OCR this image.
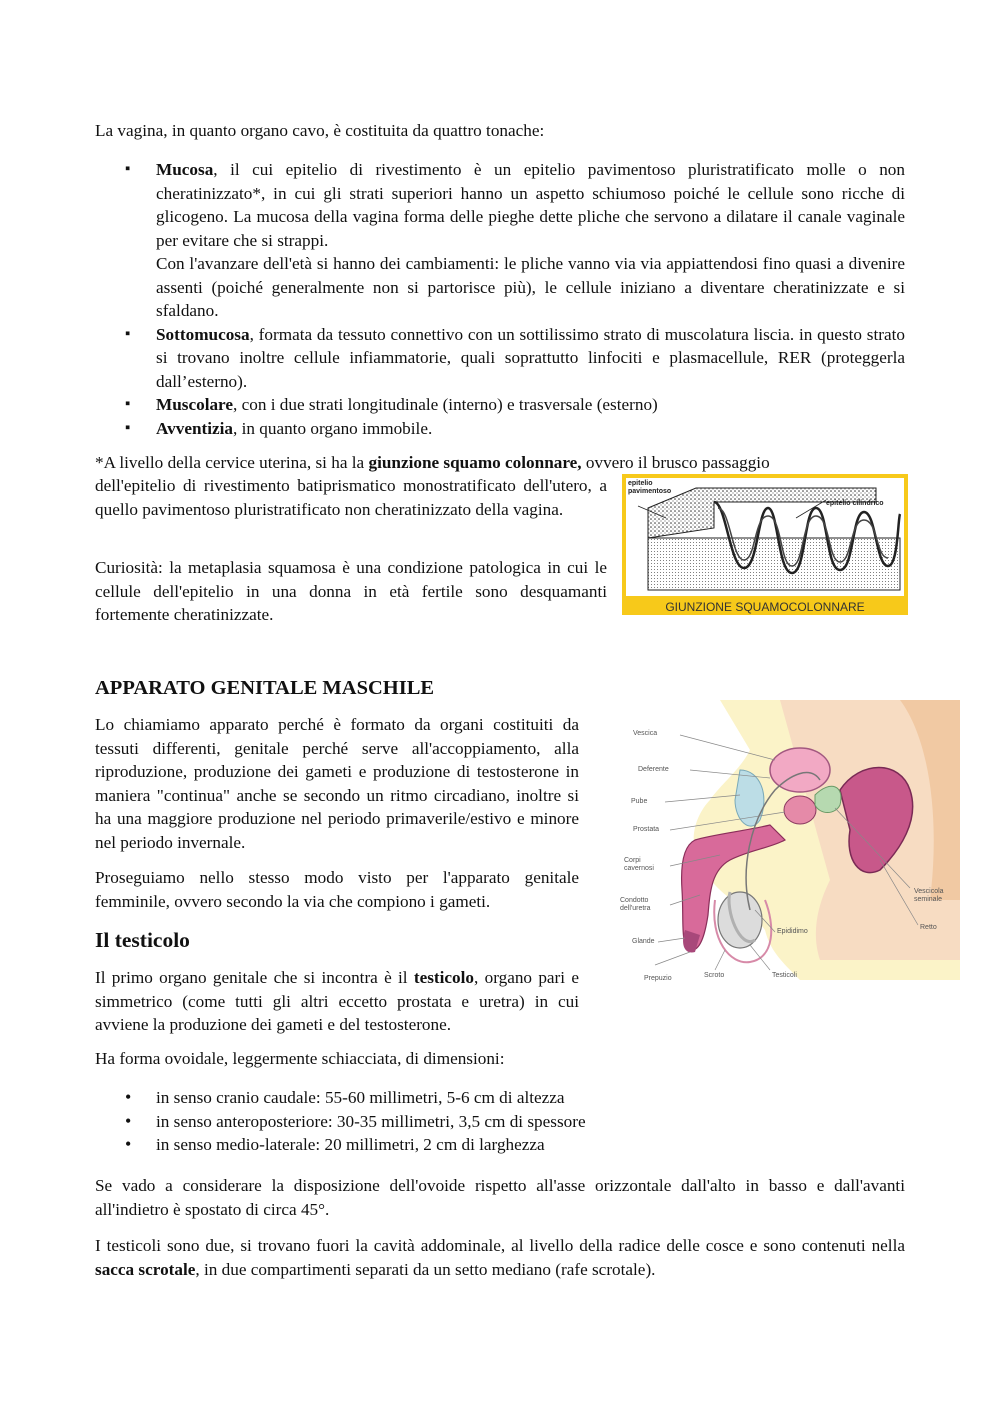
La vagina, in quanto organo cavo, è costituita da quattro tonache:

▪ Mucosa, il cui epitelio di rivestimento è un epitelio pavimentoso pluristratificato molle o non cheratinizzato*, in cui gli strati superiori hanno un aspetto schiumoso poiché le cellule sono ricche di glicogeno. La mucosa della vagina forma delle pieghe dette pliche che servono a dilatare il canale vaginale per evitare che si strappi.
Con l'avanzare dell'età si hanno dei cambiamenti: le pliche vanno via via appiattendosi fino quasi a divenire assenti (poiché generalmente non si partorisce più), le cellule iniziano a diventare cheratinizzate e si sfaldano.
▪ Sottomucosa, formata da tessuto connettivo con un sottilissimo strato di muscolatura liscia. in questo strato si trovano inoltre cellule infiammatorie, quali soprattutto linfociti e plasmacellule, RER (proteggerla dall’esterno).
▪ Muscolare, con i due strati longitudinale (interno) e trasversale (esterno)
▪ Avventizia, in quanto organo immobile.

*A livello della cervice uterina, si ha la giunzione squamo colonnare, ovvero il brusco passaggio

dell'epitelio di rivestimento batiprismatico monostratificato dell'utero, a quello pavimentoso pluristratificato non cheratinizzato della vagina.

Curiosità: la metaplasia squamosa è una condizione patologica in cui le cellule dell'epitelio in una donna in età fertile sono desquamanti fortemente cheratinizzate.

APPARATO GENITALE MASCHILE

Lo chiamiamo apparato perché è formato da organi costituiti da tessuti differenti, genitale perché serve all'accoppiamento, alla riproduzione, produzione dei gameti e produzione di testosterone in maniera "continua" anche se secondo un ritmo circadiano, inoltre si ha una maggiore produzione nel periodo primaverile/estivo e minore nel periodo invernale.

Proseguiamo nello stesso modo visto per l'apparato genitale femminile, ovvero secondo la via che compiono i gameti.

Il testicolo
Il primo organo genitale che si incontra è il testicolo, organo pari e simmetrico (come tutti gli altri eccetto prostata e uretra) in cui avviene la produzione dei gameti e del testosterone.

Ha forma ovoidale, leggermente schiacciata, di dimensioni:

• in senso cranio caudale: 55-60 millimetri, 5-6 cm di altezza
• in senso anteroposteriore: 30-35 millimetri, 3,5 cm di spessore
• in senso medio-laterale: 20 millimetri, 2 cm di larghezza

Se vado a considerare la disposizione dell'ovoide rispetto all'asse orizzontale dall'alto in basso e dall'avanti all'indietro è spostato di circa 45°.

I testicoli sono due, si trovano fuori la cavità addominale, al livello della radice delle cosce e sono contenuti nella sacca scrotale, in due compartimenti separati da un setto mediano (rafe scrotale).

epitelio
pavimentoso
epitelio cilindrico
GIUNZIONE SQUAMOCOLONNARE
Vescica
Deferente
Pube
Prostata
Corpi
cavernosi
Condotto
dell'uretra
Glande
Prepuzio	Scroto	Testicoli
Epididimo
Vescicola
seminale
Retto
